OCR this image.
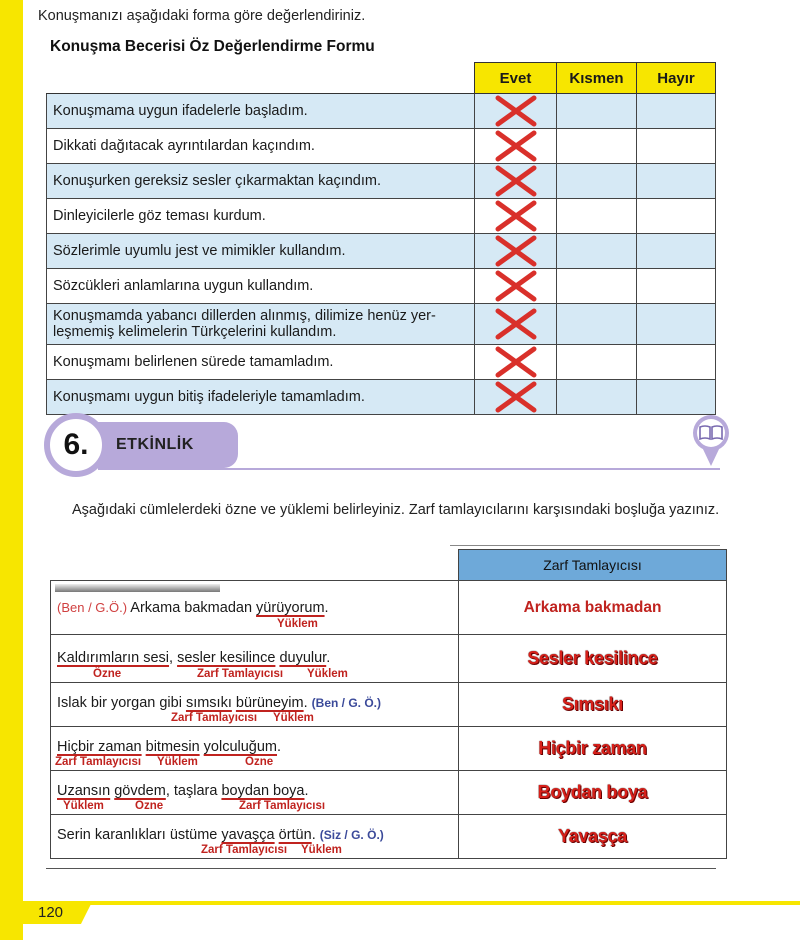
Konuşmanızı aşağıdaki forma göre değerlendiriniz.
Konuşma Becerisi Öz Değerlendirme Formu
	Evet	Kısmen	Hayır
Konuşmama uygun ifadelerle başladım.			
Dikkati dağıtacak ayrıntılardan kaçındım.			
Konuşurken gereksiz sesler çıkarmaktan kaçındım.			
Dinleyicilerle göz teması kurdum.			
Sözlerimle uyumlu jest ve mimikler kullandım.			
Sözcükleri anlamlarına uygun kullandım.			
Konuşmamda yabancı dillerden alınmış, dilimize henüz yer-
leşmemiş kelimelerin Türkçelerini kullandım.			
Konuşmamı belirlenen sürede tamamladım.			
Konuşmamı uygun bitiş ifadeleriyle tamamladım.			
ETKİNLİK
6.
Aşağıdaki cümlelerdeki özne ve yüklemi belirleyiniz. Zarf tamlayıcılarını karşısındaki boşluğa yazınız.
	Zarf Tamlayıcısı

(Ben / G.Ö.) Arkama bakmadan yürüyorum.
Yüklem	Arkama bakmadan

Kaldırımların sesi, sesler kesilince duyulur.
Özne Zarf Tamlayıcısı Yüklem	Sesler kesilince

Islak bir yorgan gibi sımsıkı bürüneyim. (Ben / G. Ö.)
Zarf Tamlayıcısı Yüklem	Sımsıkı

Hiçbir zaman bitmesin yolculuğum.
Zarf Tamlayıcısı Yüklem Özne	Hiçbir zaman

Uzansın gövdem, taşlara boydan boya.
Yüklem Özne Zarf Tamlayıcısı	Boydan boya

Serin karanlıkları üstüme yavaşça örtün. (Siz / G. Ö.)
Zarf Tamlayıcısı Yüklem	Yavaşça
120
